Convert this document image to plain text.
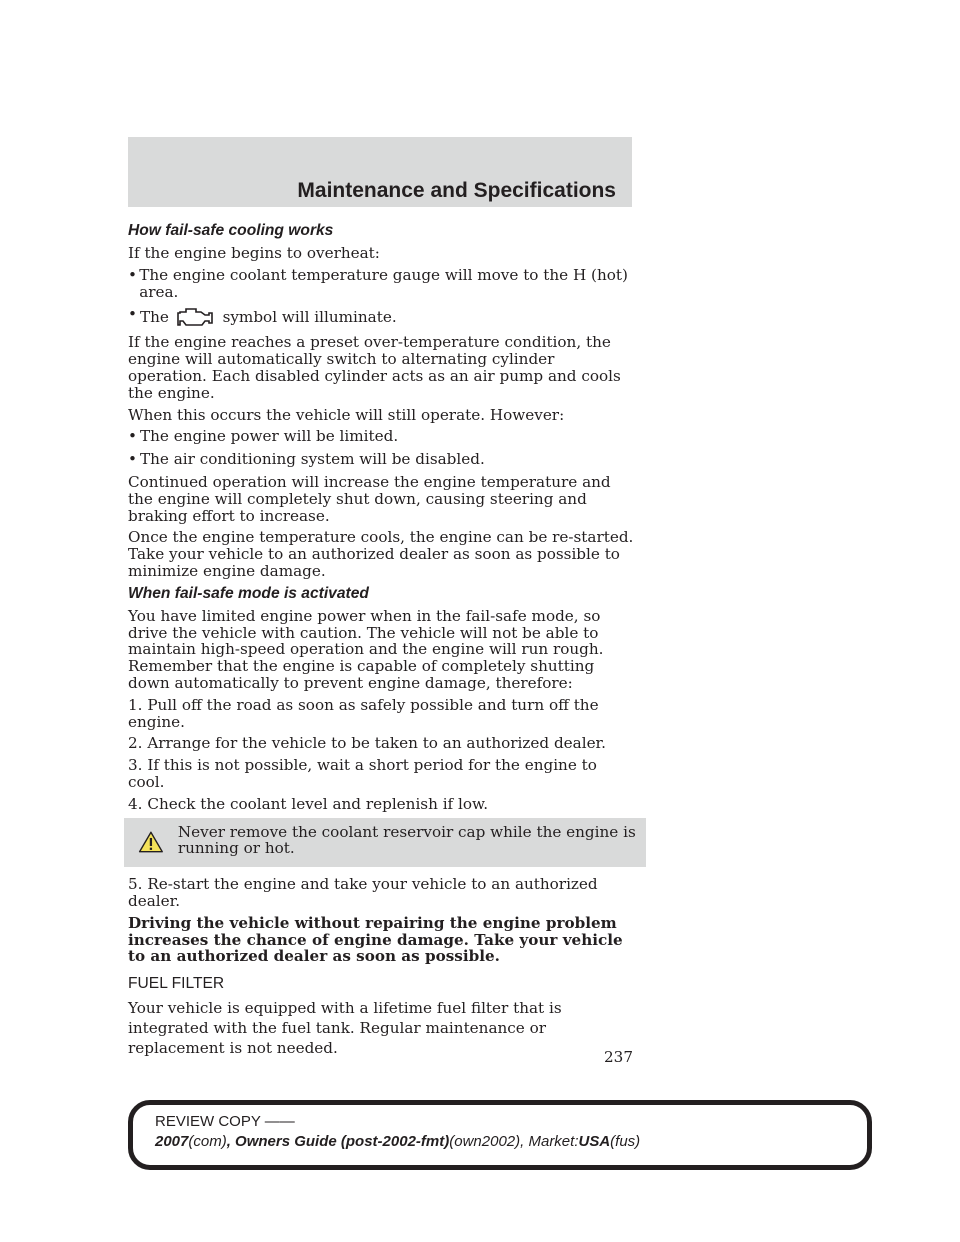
Maintenance and Specifications
How fail-safe cooling works

If the engine begins to overheat:

• The engine coolant temperature gauge will move to the H (hot) area.
• The	symbol will illuminate.

If the engine reaches a preset over-temperature condition, the engine will automatically switch to alternating cylinder operation. Each disabled cylinder acts as an air pump and cools the engine.

When this occurs the vehicle will still operate. However:

• The engine power will be limited.
• The air conditioning system will be disabled.

Continued operation will increase the engine temperature and the engine will completely shut down, causing steering and braking effort to increase.

Once the engine temperature cools, the engine can be re-started. Take your vehicle to an authorized dealer as soon as possible to minimize engine damage.

When fail-safe mode is activated

You have limited engine power when in the fail-safe mode, so drive the vehicle with caution. The vehicle will not be able to maintain high-speed operation and the engine will run rough. Remember that the engine is capable of completely shutting down automatically to prevent engine damage, therefore:

1. Pull off the road as soon as safely possible and turn off the engine.

2. Arrange for the vehicle to be taken to an authorized dealer.

3. If this is not possible, wait a short period for the engine to cool.

4. Check the coolant level and replenish if low.

Never remove the coolant reservoir cap while the engine is running or hot.

5. Re-start the engine and take your vehicle to an authorized dealer.

Driving the vehicle without repairing the engine problem increases the chance of engine damage. Take your vehicle to an authorized dealer as soon as possible.

FUEL FILTER

Your vehicle is equipped with a lifetime fuel filter that is integrated with the fuel tank. Regular maintenance or replacement is not needed.	237
REVIEW COPY ——
2007(com), Owners Guide (post-2002-fmt)(own2002), Market:USA(fus)
